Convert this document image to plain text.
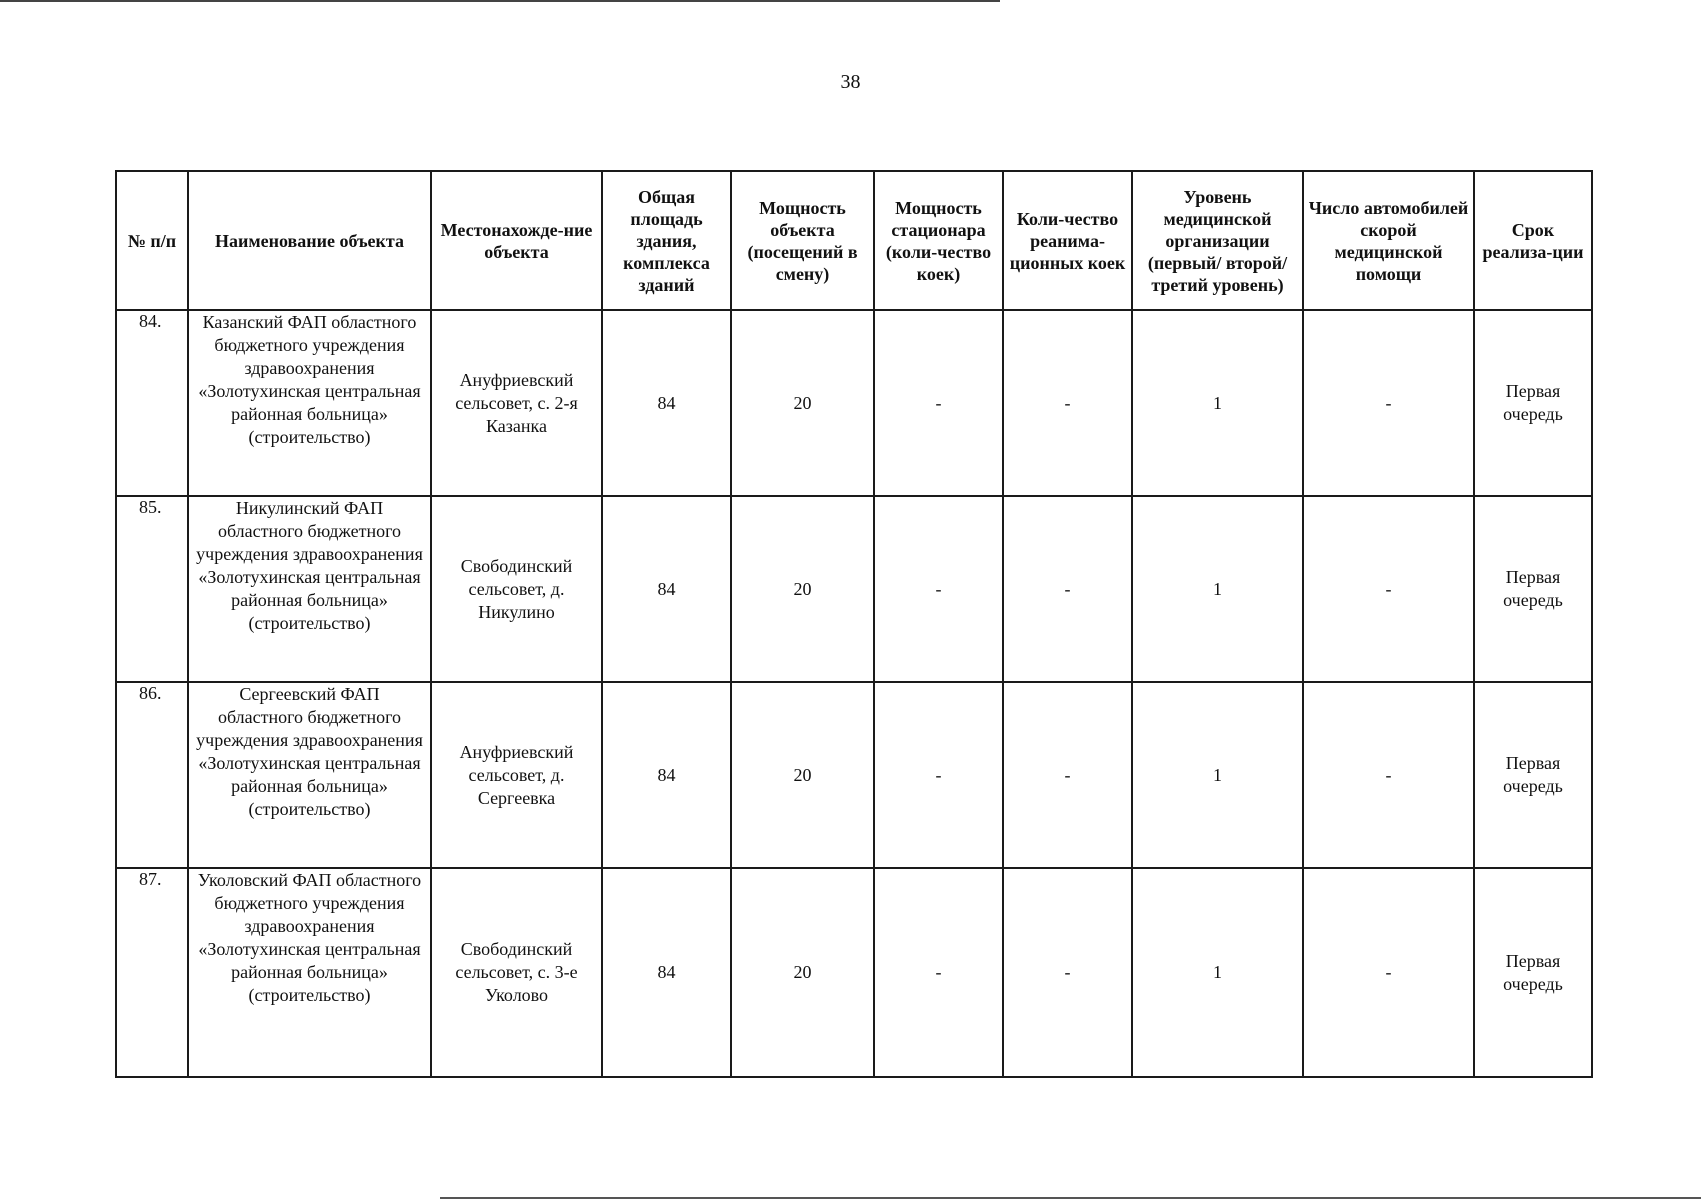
38
№ п/п	Наименование объекта	Местонахожде-ние объекта	Общая площадь здания, комплекса зданий	Мощность объекта (посещений в смену)	Мощность стационара (коли-чество коек)	Коли-чество реанима-ционных коек	Уровень медицинской организации (первый/ второй/ третий уровень)	Число автомобилей скорой медицинской помощи	Срок реализа-ции
84.	Казанский ФАП областного бюджетного учреждения здравоохранения «Золотухинская центральная районная больница» (строительство)	Ануфриевский сельсовет, с. 2-я Казанка	84	20	-	-	1	-	Первая очередь
85.	Никулинский ФАП областного бюджетного учреждения здравоохранения «Золотухинская центральная районная больница» (строительство)	Свободинский сельсовет, д. Никулино	84	20	-	-	1	-	Первая очередь
86.	Сергеевский ФАП областного бюджетного учреждения здравоохранения «Золотухинская центральная районная больница» (строительство)	Ануфриевский сельсовет, д. Сергеевка	84	20	-	-	1	-	Первая очередь
87.	Уколовский ФАП областного бюджетного учреждения здравоохранения «Золотухинская центральная районная больница» (строительство)	Свободинский сельсовет, с. 3-е Уколово	84	20	-	-	1	-	Первая очередь
